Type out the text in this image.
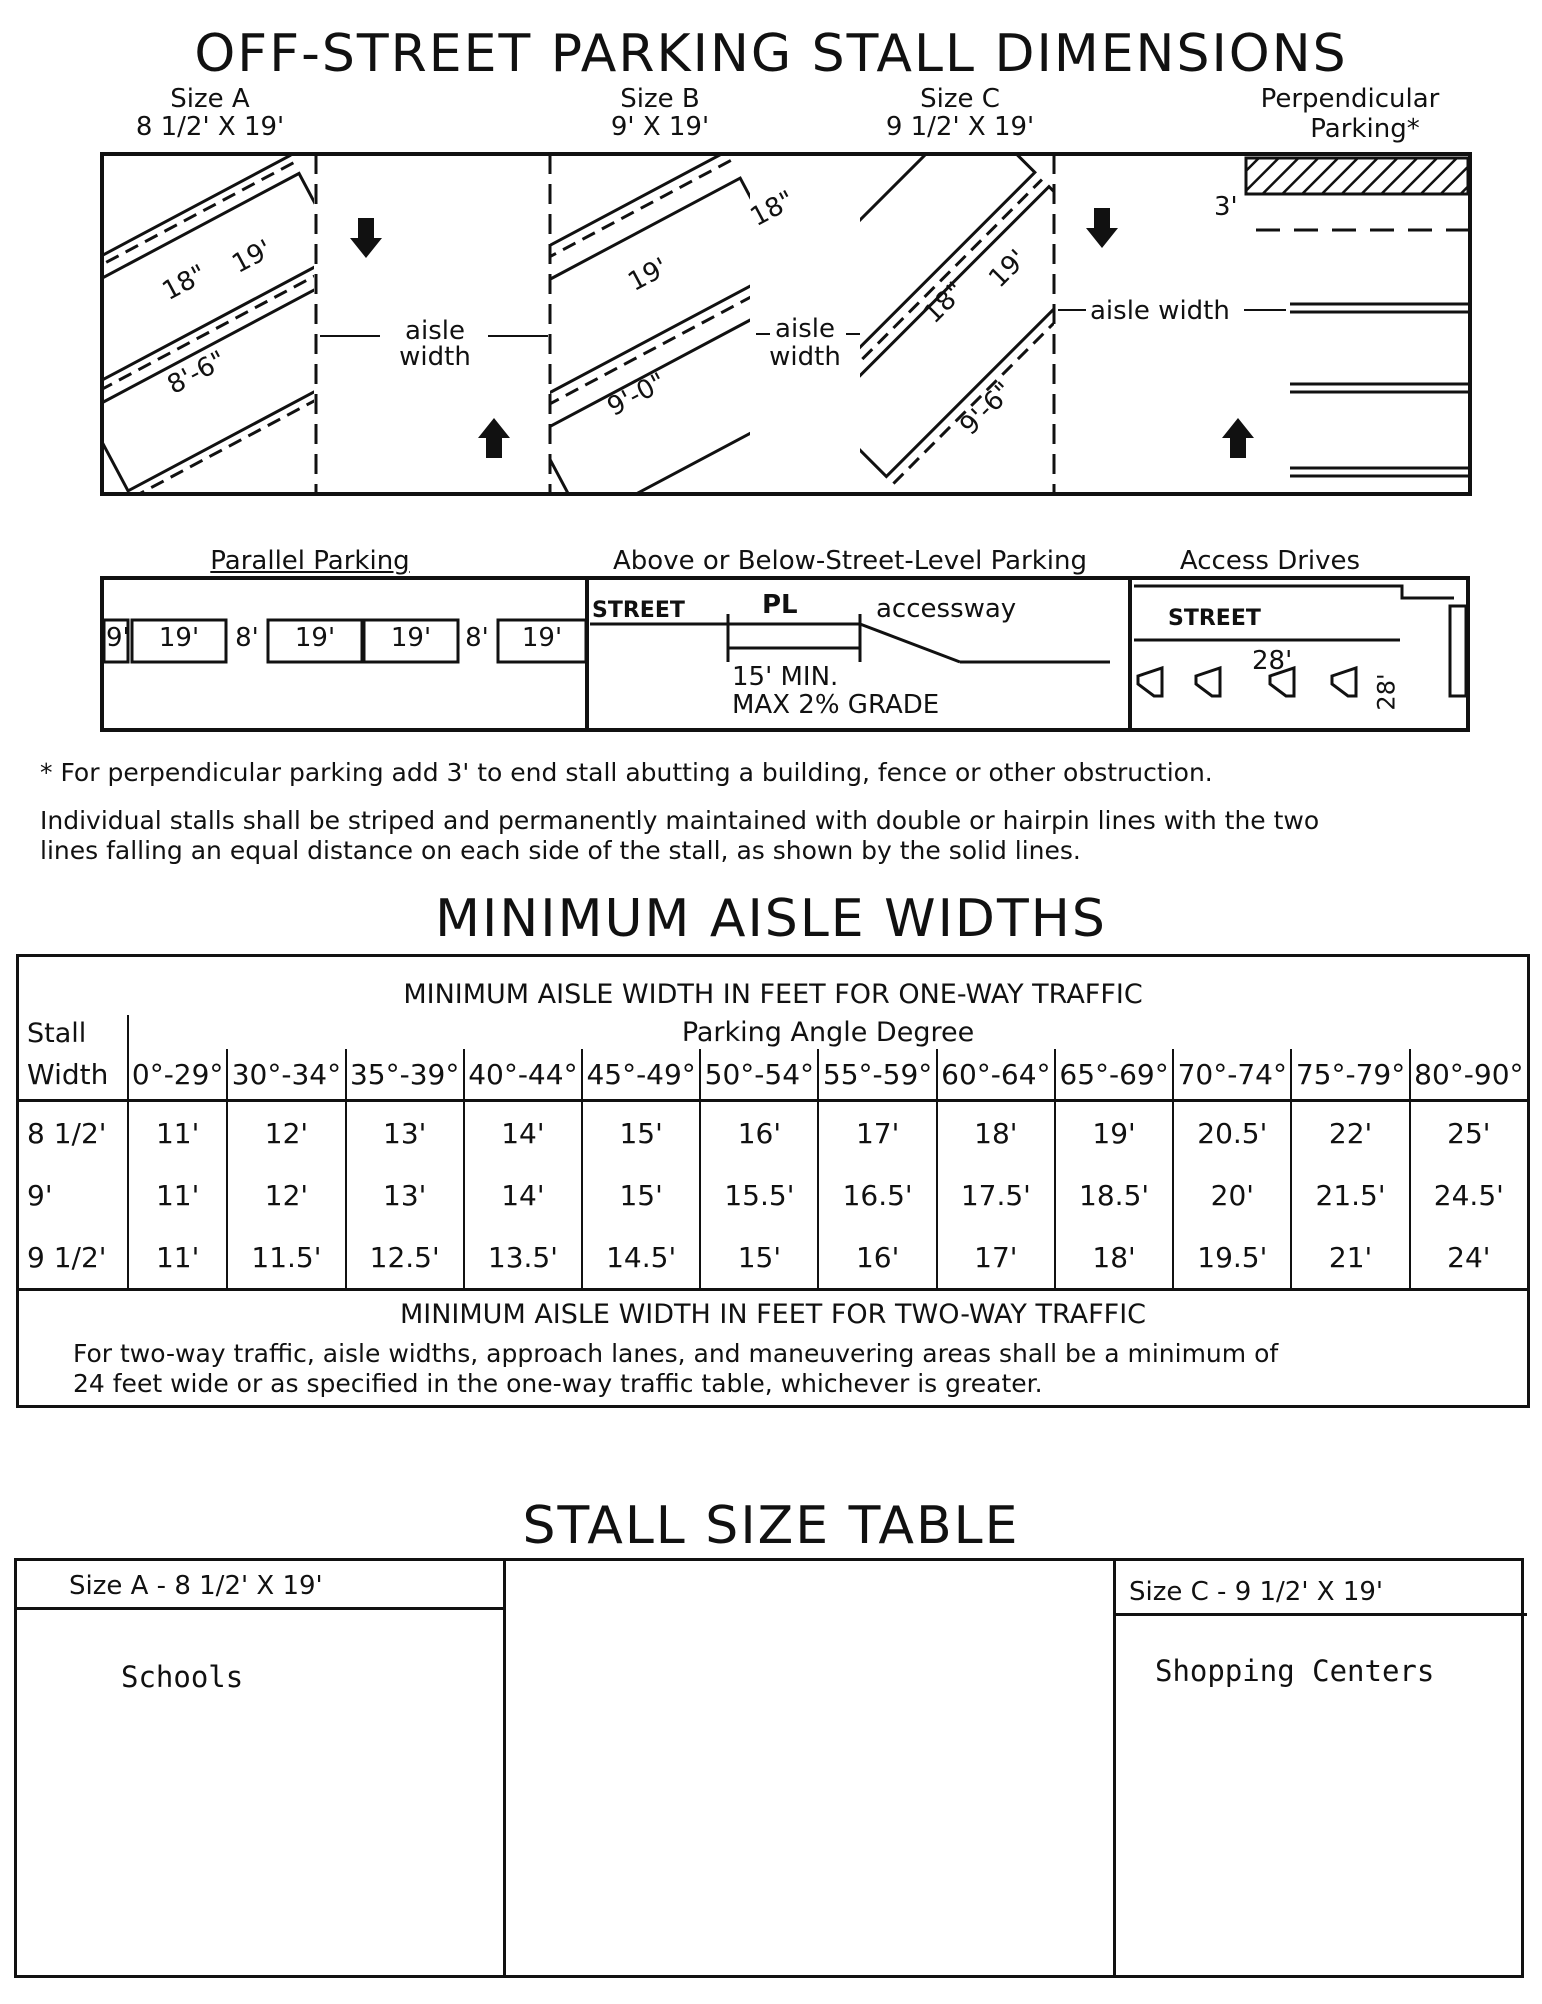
OFF-STREET PARKING STALL DIMENSIONS
Size A
8 1/2' X 19'
Size B
9' X 19'
Size C
9 1/2' X 19'
Perpendicular
Parking*
18"
19'
8'-6"
aisle
width
18"
19'
9'-0"
aisle
width
18"
19'
9'-6"
aisle width
3'
Parallel Parking	Above or Below-Street-Level Parking	Access Drives
9'	19'	8'	19'	19'	8'	19'
STREET	PL	accessway
15' MIN.
MAX 2% GRADE
STREET
28'
28'
* For perpendicular parking add 3' to end stall abutting a building, fence or other obstruction.
Individual stalls shall be striped and permanently maintained with double or hairpin lines with the two
lines falling an equal distance on each side of the stall, as shown by the solid lines.
MINIMUM AISLE WIDTHS
MINIMUM AISLE WIDTH IN FEET FOR ONE-WAY TRAFFIC												
Stall	Parking Angle Degree											
Width	0°-29°	30°-34°	35°-39°	40°-44°	45°-49°	50°-54°	55°-59°	60°-64°	65°-69°	70°-74°	75°-79°	80°-90°
8 1/2'	11'	12'	13'	14'	15'	16'	17'	18'	19'	20.5'	22'	25'
9'	11'	12'	13'	14'	15'	15.5'	16.5'	17.5'	18.5'	20'	21.5'	24.5'
9 1/2'	11'	11.5'	12.5'	13.5'	14.5'	15'	16'	17'	18'	19.5'	21'	24'
MINIMUM AISLE WIDTH IN FEET FOR TWO-WAY TRAFFIC												
For two-way traffic, aisle widths, approach lanes, and maneuvering areas shall be a minimum of												
24 feet wide or as specified in the one-way traffic table, whichever is greater.												
STALL SIZE TABLE
Size A - 8 1/2' X 19'
Schools
Size C - 9 1/2' X 19'
Shopping Centers
